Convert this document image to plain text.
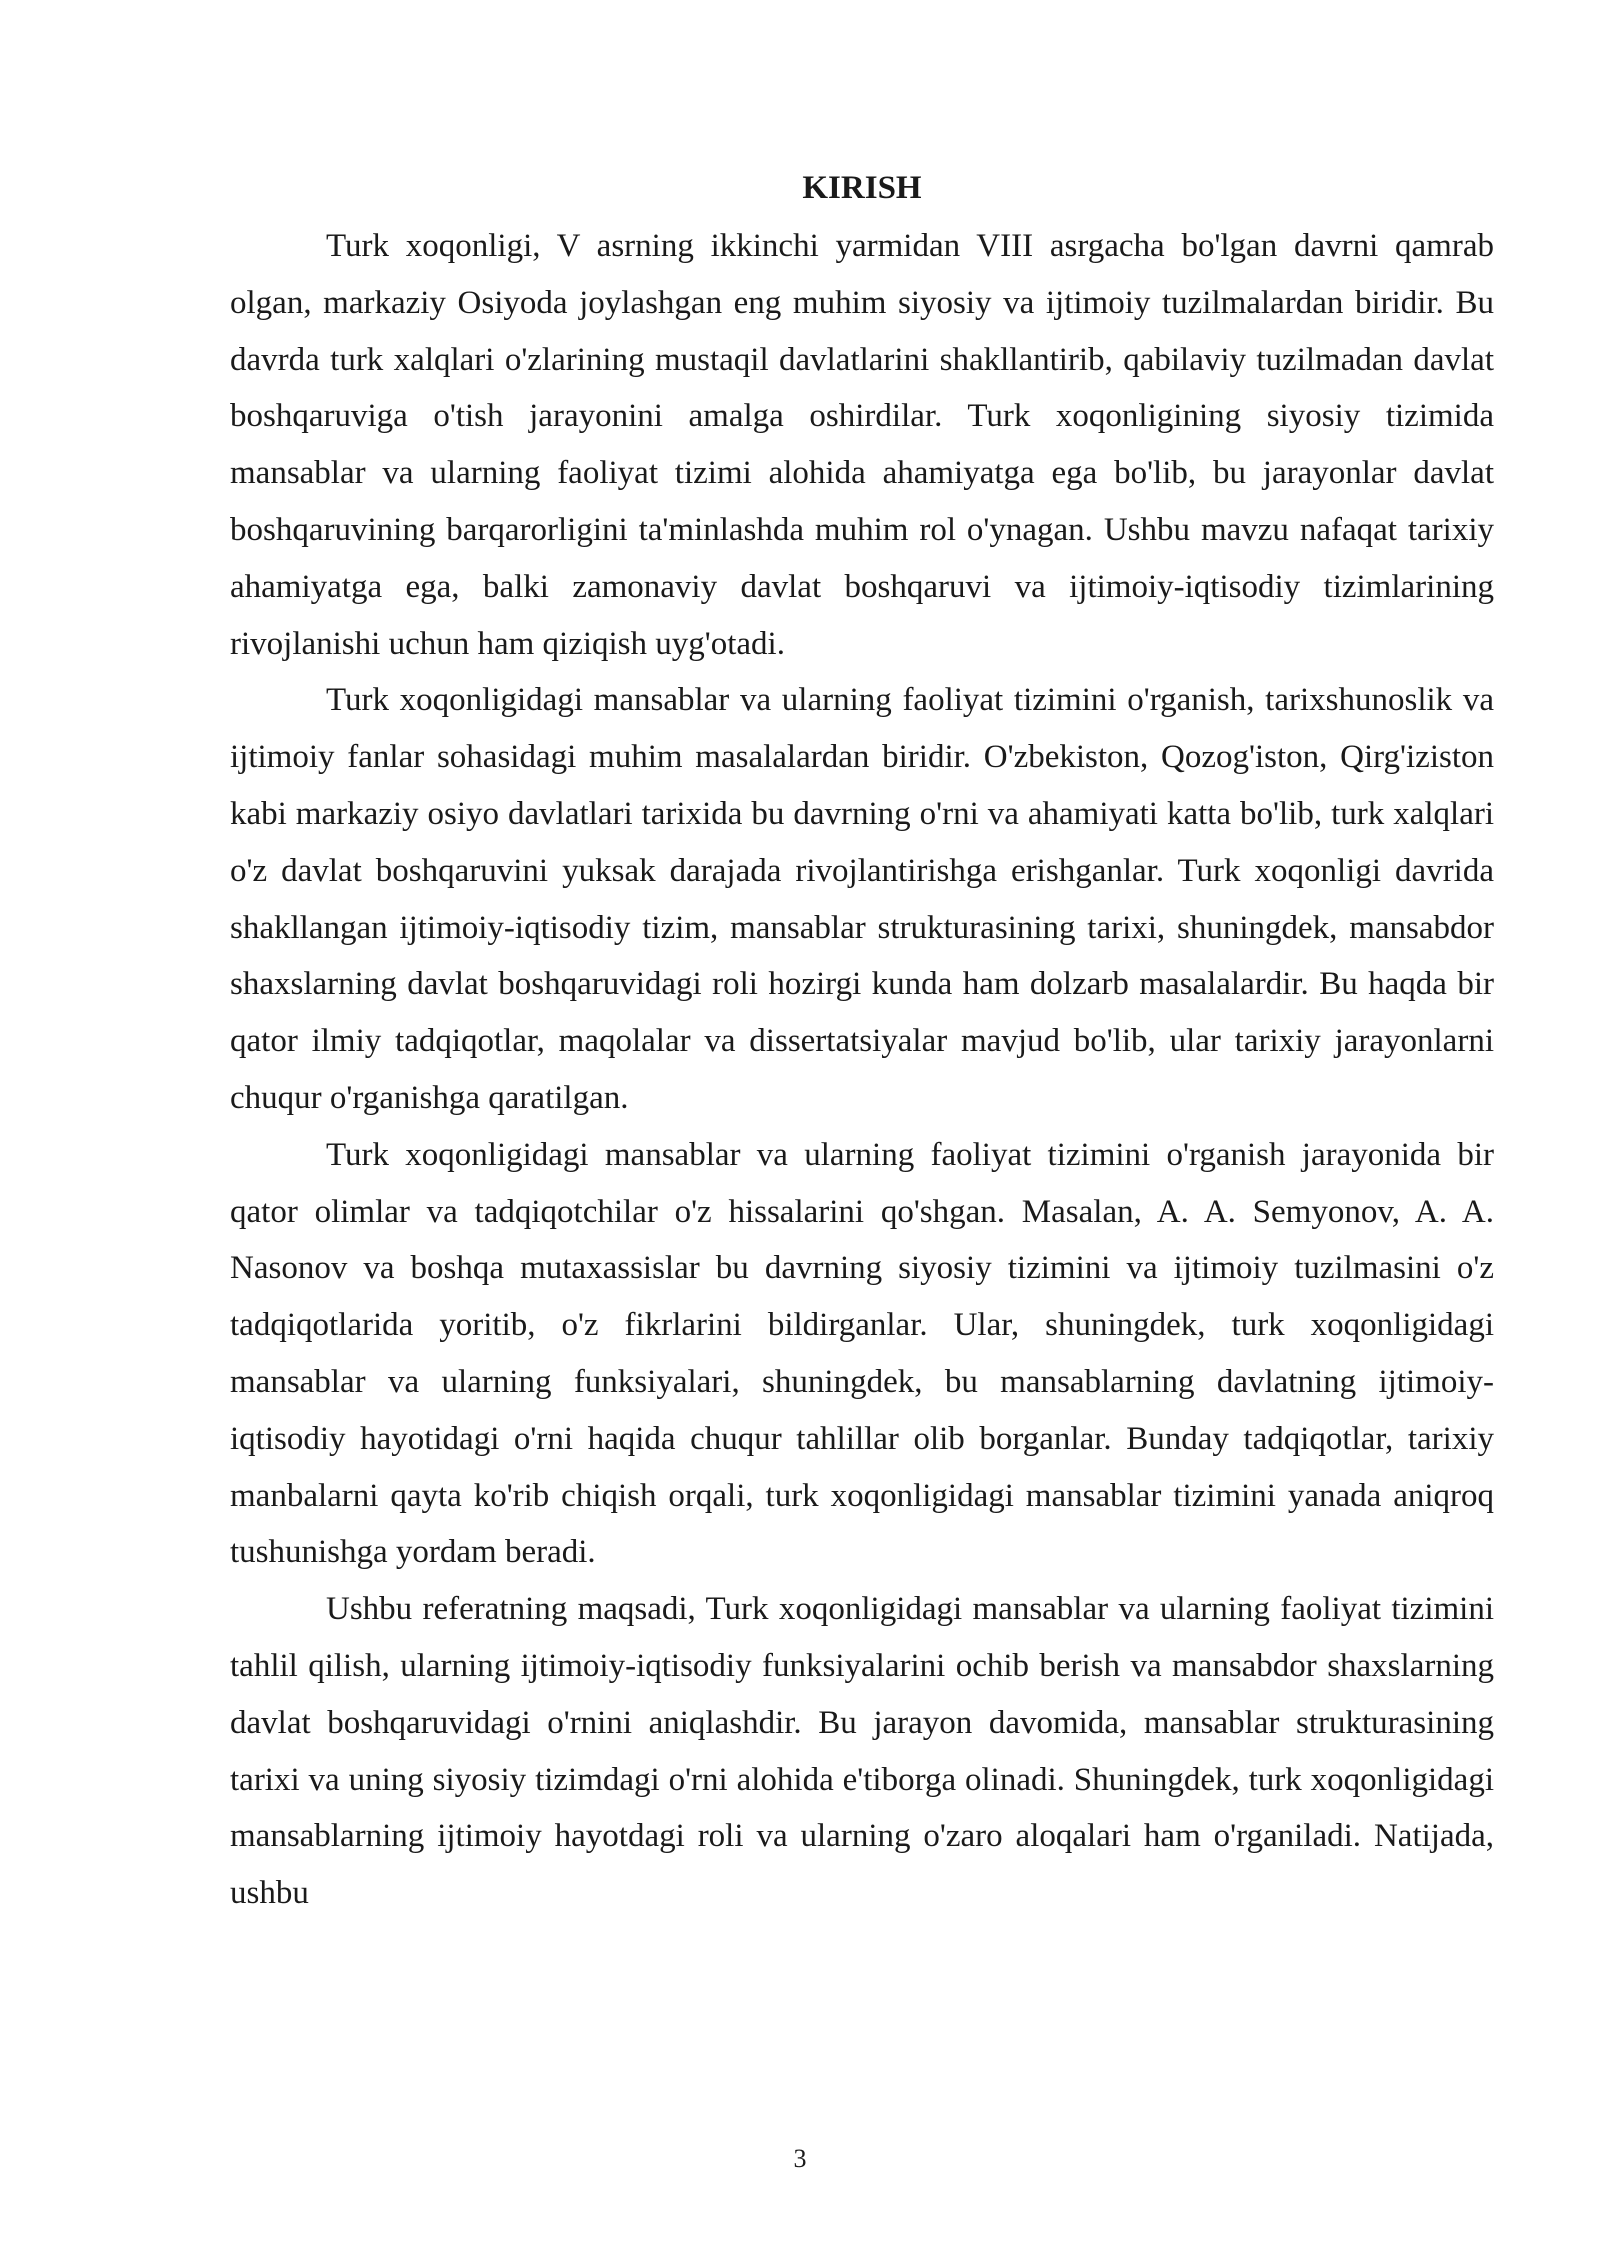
KIRISH

Turk xoqonligi, V asrning ikkinchi yarmidan VIII asrgacha bo'lgan davrni qamrab olgan, markaziy Osiyoda joylashgan eng muhim siyosiy va ijtimoiy tuzilmalardan biridir. Bu davrda turk xalqlari o'zlarining mustaqil davlatlarini shakllantirib, qabilaviy tuzilmadan davlat boshqaruviga o'tish jarayonini amalga oshirdilar. Turk xoqonligining siyosiy tizimida mansablar va ularning faoliyat tizimi alohida ahamiyatga ega bo'lib, bu jarayonlar davlat boshqaruvining barqarorligini ta'minlashda muhim rol o'ynagan. Ushbu mavzu nafaqat tarixiy ahamiyatga ega, balki zamonaviy davlat boshqaruvi va ijtimoiy-iqtisodiy tizimlarining rivojlanishi uchun ham qiziqish uyg'otadi.

Turk xoqonligidagi mansablar va ularning faoliyat tizimini o'rganish, tarixshunoslik va ijtimoiy fanlar sohasidagi muhim masalalardan biridir. O'zbekiston, Qozog'iston, Qirg'iziston kabi markaziy osiyo davlatlari tarixida bu davrning o'rni va ahamiyati katta bo'lib, turk xalqlari o'z davlat boshqaruvini yuksak darajada rivojlantirishga erishganlar. Turk xoqonligi davrida shakllangan ijtimoiy-iqtisodiy tizim, mansablar strukturasining tarixi, shuningdek, mansabdor shaxslarning davlat boshqaruvidagi roli hozirgi kunda ham dolzarb masalalardir. Bu haqda bir qator ilmiy tadqiqotlar, maqolalar va dissertatsiyalar mavjud bo'lib, ular tarixiy jarayonlarni chuqur o'rganishga qaratilgan.

Turk xoqonligidagi mansablar va ularning faoliyat tizimini o'rganish jarayonida bir qator olimlar va tadqiqotchilar o'z hissalarini qo'shgan. Masalan, A. A. Semyonov, A. A. Nasonov va boshqa mutaxassislar bu davrning siyosiy tizimini va ijtimoiy tuzilmasini o'z tadqiqotlarida yoritib, o'z fikrlarini bildirganlar. Ular, shuningdek, turk xoqonligidagi mansablar va ularning funksiyalari, shuningdek, bu mansablarning davlatning ijtimoiy-iqtisodiy hayotidagi o'rni haqida chuqur tahlillar olib borganlar. Bunday tadqiqotlar, tarixiy manbalarni qayta ko'rib chiqish orqali, turk xoqonligidagi mansablar tizimini yanada aniqroq tushunishga yordam beradi.

Ushbu referatning maqsadi, Turk xoqonligidagi mansablar va ularning faoliyat tizimini tahlil qilish, ularning ijtimoiy-iqtisodiy funksiyalarini ochib berish va mansabdor shaxslarning davlat boshqaruvidagi o'rnini aniqlashdir. Bu jarayon davomida, mansablar strukturasining tarixi va uning siyosiy tizimdagi o'rni alohida e'tiborga olinadi. Shuningdek, turk xoqonligidagi mansablarning ijtimoiy hayotdagi roli va ularning o'zaro aloqalari ham o'rganiladi. Natijada, ushbu

3
